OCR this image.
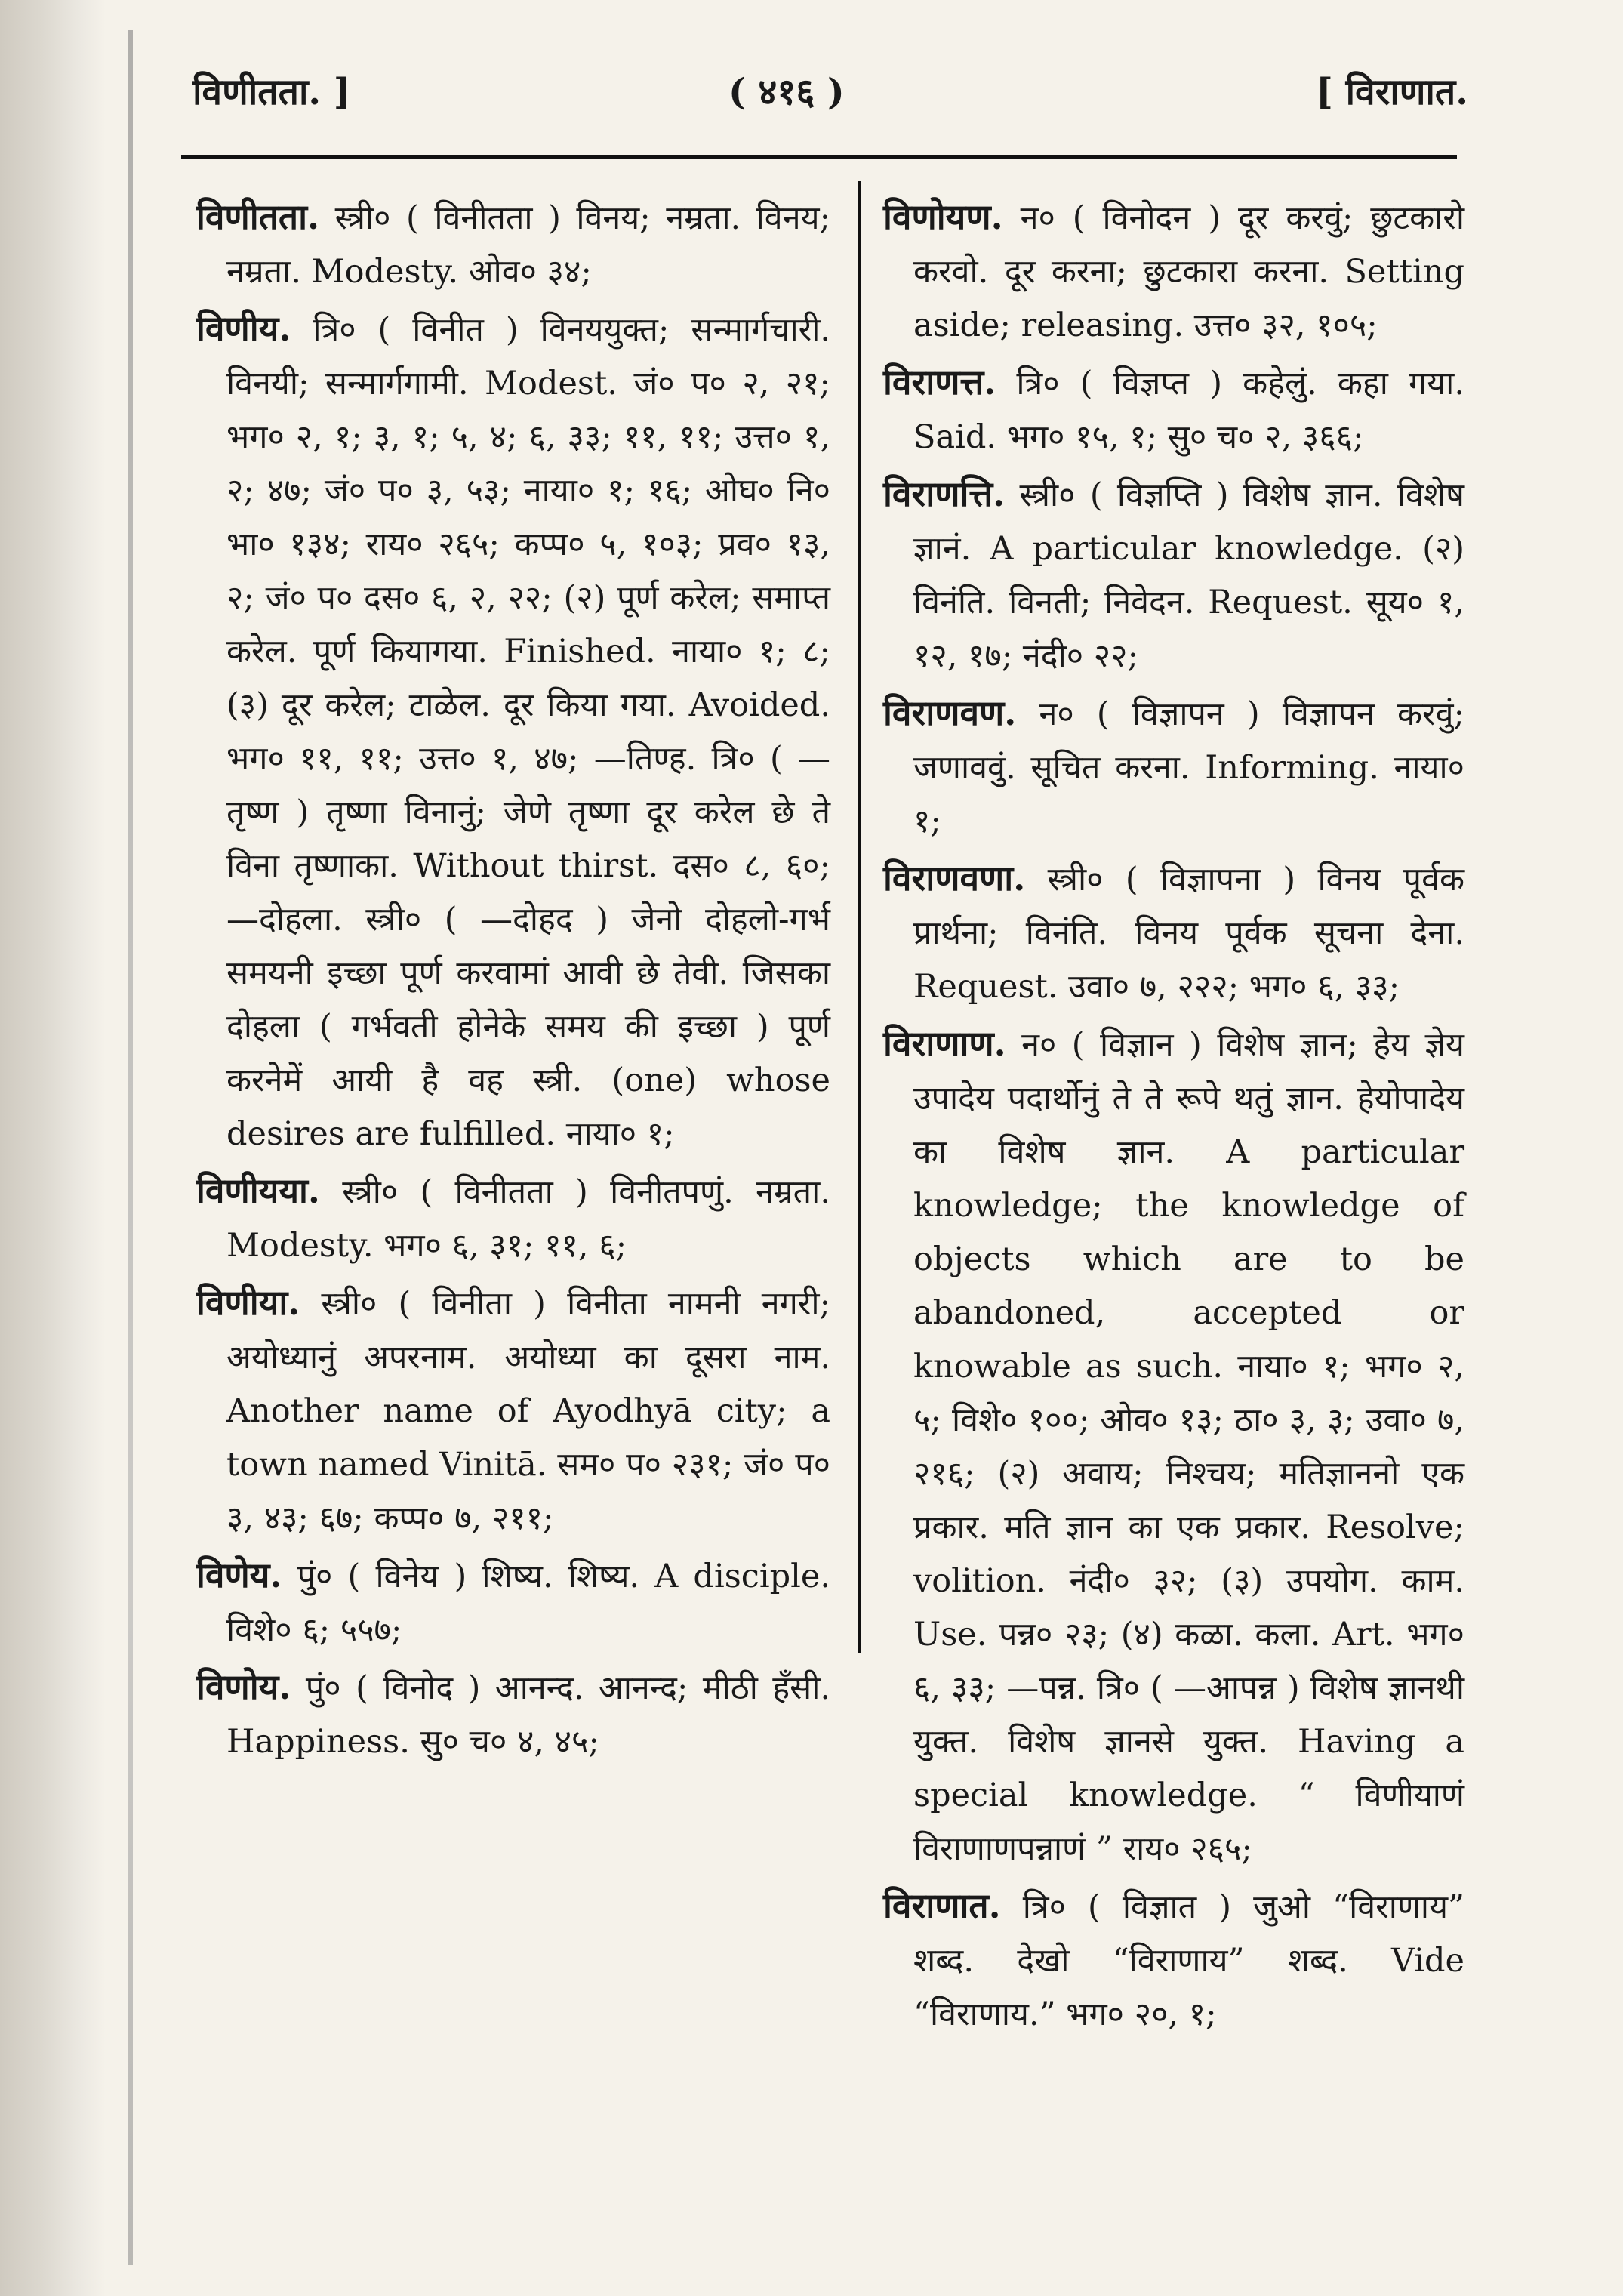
विणीतता. ]	( ४१६ )	[ विराणात.
विणीतता. स्त्री० ( विनीतता ) विनय; नम्रता. विनय; नम्रता. Modesty. ओव० ३४;
विणीय. त्रि० ( विनीत ) विनययुक्त; सन्मार्गचारी. विनयी; सन्मार्गगामी. Modest. जं० प० २, २१; भग० २, १; ३, १; ५, ४; ६, ३३; ११, ११; उत्त० १, २; ४७; जं० प० ३, ५३; नाया० १; १६; ओघ० नि० भा० १३४; राय० २६५; कप्प० ५, १०३; प्रव० १३, २; जं० प० दस० ६, २, २२; (२) पूर्ण करेल; समाप्त करेल. पूर्ण कियागया. Finished. नाया० १; ८; (३) दूर करेल; टाळेल. दूर किया गया. Avoided. भग० ११, ११; उत्त० १, ४७; —तिण्ह. त्रि० ( —तृष्ण ) तृष्णा विनानुं; जेणे तृष्णा दूर करेल छे ते विना तृष्णाका. Without thirst. दस० ८, ६०; —दोहला. स्त्री० ( —दोहद ) जेनो दोहलो-गर्भ समयनी इच्छा पूर्ण करवामां आवी छे तेवी. जिसका दोहला ( गर्भवती होनेके समय की इच्छा ) पूर्ण करनेमें आयी है वह स्त्री. (one) whose desires are fulfilled. नाया० १;
विणीयया. स्त्री० ( विनीतता ) विनीतपणुं. नम्रता. Modesty. भग० ६, ३१; ११, ६;
विणीया. स्त्री० ( विनीता ) विनीता नामनी नगरी; अयोध्यानुं अपरनाम. अयोध्या का दूसरा नाम. Another name of Ayodhyā city; a town named Vinitā. सम० प० २३१; जं० प० ३, ४३; ६७; कप्प० ७, २११;
विणेय. पुं० ( विनेय ) शिष्य. शिष्य. A disciple. विशे० ६; ५५७;
विणोय. पुं० ( विनोद ) आनन्द. आनन्द; मीठी हँसी. Happiness. सु० च० ४, ४५;
विणोयण. न० ( विनोदन ) दूर करवुं; छुटकारो करवो. दूर करना; छुटकारा करना. Setting aside; releasing. उत्त० ३२, १०५;
विराणत्त. त्रि० ( विज्ञप्त ) कहेलुं. कहा गया. Said. भग० १५, १; सु० च० २, ३६६;
विराणत्ति. स्त्री० ( विज्ञप्ति ) विशेष ज्ञान. विशेष ज्ञानं. A particular knowledge. (२) विनंति. विनती; निवेदन. Request. सूय० १, १२, १७; नंदी० २२;
विराणवण. न० ( विज्ञापन ) विज्ञापन करवुं; जणाववुं. सूचित करना. Informing. नाया० १;
विराणवणा. स्त्री० ( विज्ञापना ) विनय पूर्वक प्रार्थना; विनंति. विनय पूर्वक सूचना देना. Request. उवा० ७, २२२; भग० ६, ३३;
विराणाण. न० ( विज्ञान ) विशेष ज्ञान; हेय ज्ञेय उपादेय पदार्थोनुं ते ते रूपे थतुं ज्ञान. हेयोपादेय का विशेष ज्ञान. A particular knowledge; the knowledge of objects which are to be abandoned, accepted or knowable as such. नाया० १; भग० २, ५; विशे० १००; ओव० १३; ठा० ३, ३; उवा० ७, २१६; (२) अवाय; निश्चय; मतिज्ञाननो एक प्रकार. मति ज्ञान का एक प्रकार. Resolve; volition. नंदी० ३२; (३) उपयोग. काम. Use. पन्न० २३; (४) कळा. कला. Art. भग० ६, ३३; —पन्न. त्रि० ( —आपन्न ) विशेष ज्ञानथी युक्त. विशेष ज्ञानसे युक्त. Having a special knowledge. “ विणीयाणं विराणाणपन्नाणं ” राय० २६५;
विराणात. त्रि० ( विज्ञात ) जुओ “विराणाय” शब्द. देखो “विराणाय” शब्द. Vide “विराणाय.” भग० २०, १;
